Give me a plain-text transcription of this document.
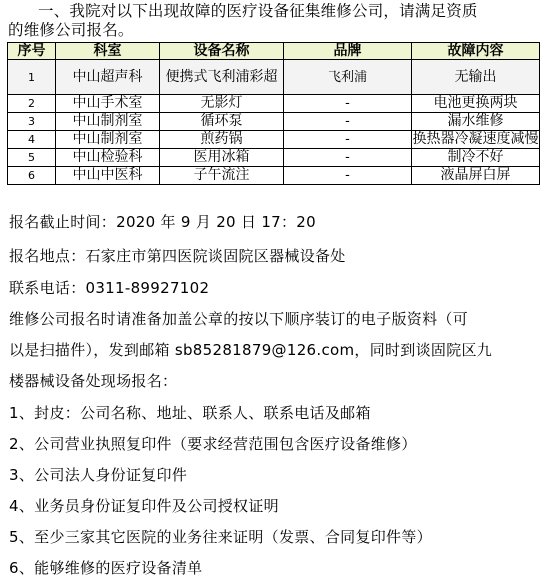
一、我院对以下出现故障的医疗设备征集维修公司，请满足资质
的维修公司报名。
序号	科室	设备名称	品牌	故障内容
1	中山超声科	便携式飞利浦彩超	飞利浦	无输出
2	中山手术室	无影灯	-	电池更换两块
3	中山制剂室	循环泵	-	漏水维修
4	中山制剂室	煎药锅	-	换热器冷凝速度减慢
5	中山检验科	医用冰箱	-	制冷不好
6	中山中医科	子午流注	-	液晶屏白屏
报名截止时间：2020 年 9 月 20 日 17：20
报名地点：石家庄市第四医院谈固院区器械设备处
联系电话：0311-89927102
维修公司报名时请准备加盖公章的按以下顺序装订的电子版资料（可
以是扫描件），发到邮箱 sb85281879@126.com，同时到谈固院区九
楼器械设备处现场报名：
1、封皮：公司名称、地址、联系人、联系电话及邮箱
2、公司营业执照复印件（要求经营范围包含医疗设备维修）
3、公司法人身份证复印件
4、业务员身份证复印件及公司授权证明
5、至少三家其它医院的业务往来证明（发票、合同复印件等）
6、能够维修的医疗设备清单
